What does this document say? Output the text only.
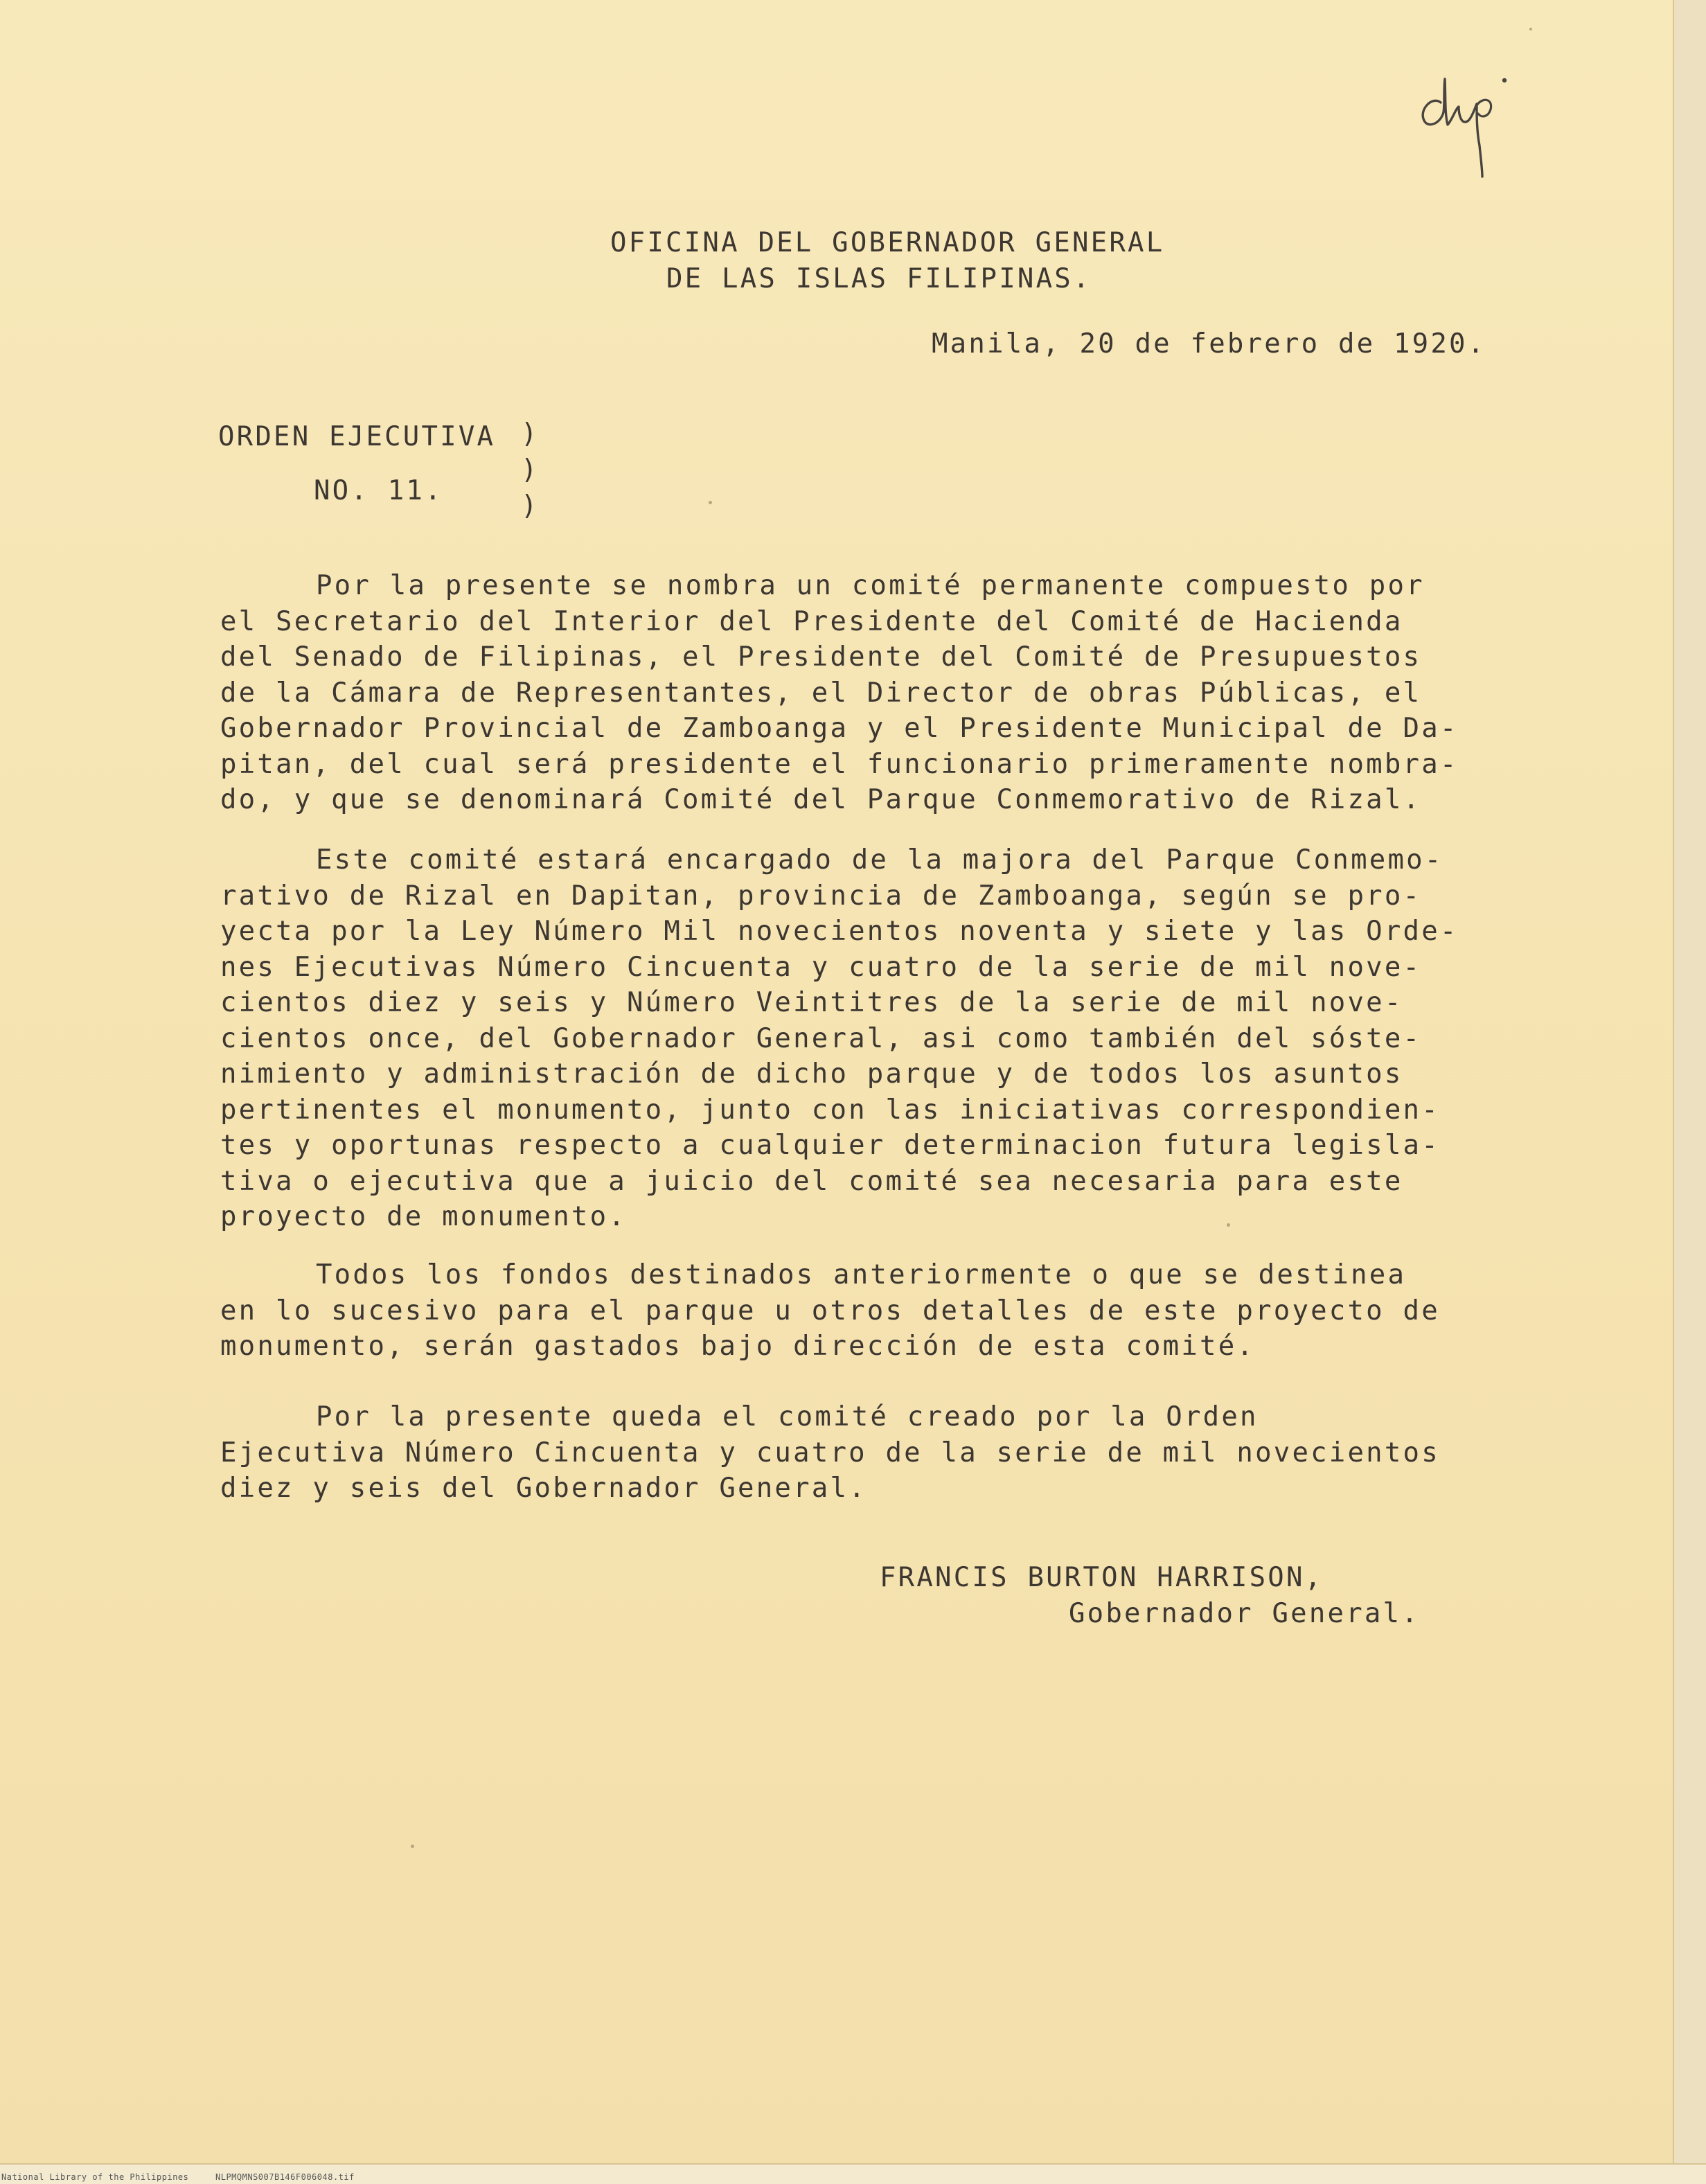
OFICINA DEL GOBERNADOR GENERAL
DE LAS ISLAS FILIPINAS.
Manila, 20 de febrero de 1920.
ORDEN EJECUTIVA
NO. 11.
)
)
)

Por la presente se nombra un comité permanente compuesto por
el Secretario del Interior del Presidente del Comité de Hacienda
del Senado de Filipinas, el Presidente del Comité de Presupuestos
de la Cámara de Representantes, el Director de obras Públicas, el
Gobernador Provincial de Zamboanga y el Presidente Municipal de Da-
pitan, del cual será presidente el funcionario primeramente nombra-
do, y que se denominará Comité del Parque Conmemorativo de Rizal.

Este comité estará encargado de la majora del Parque Conmemo-
rativo de Rizal en Dapitan, provincia de Zamboanga, según se pro-
yecta por la Ley Número Mil novecientos noventa y siete y las Orde-
nes Ejecutivas Número Cincuenta y cuatro de la serie de mil nove-
cientos diez y seis y Número Veintitres de la serie de mil nove-
cientos once, del Gobernador General, asi como también del sóste-
nimiento y administración de dicho parque y de todos los asuntos
pertinentes el monumento, junto con las iniciativas correspondien-
tes y oportunas respecto a cualquier determinacion futura legisla-
tiva o ejecutiva que a juicio del comité sea necesaria para este
proyecto de monumento.

Todos los fondos destinados anteriormente o que se destinea
en lo sucesivo para el parque u otros detalles de este proyecto de
monumento, serán gastados bajo dirección de esta comité.

Por la presente queda el comité creado por la Orden
Ejecutiva Número Cincuenta y cuatro de la serie de mil novecientos
diez y seis del Gobernador General.

FRANCIS BURTON HARRISON,
Gobernador General.
National Library of the Philippines	NLPMQMNS007B146F006048.tif
